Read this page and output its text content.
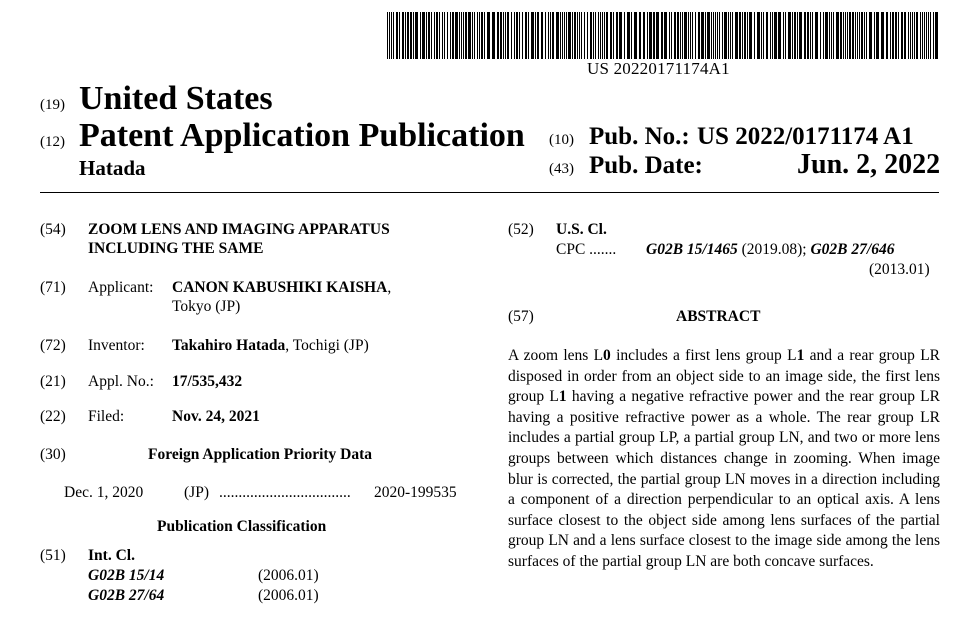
US 20220171174A1
(19) United States
(12) Patent Application Publication
Hatada
(10) Pub. No.: US 2022/0171174 A1
(43) Pub. Date:	Jun. 2, 2022
(54) ZOOM LENS AND IMAGING APPARATUS
INCLUDING THE SAME
(71) Applicant: CANON KABUSHIKI KAISHA,
Tokyo (JP)
(72) Inventor: Takahiro Hatada, Tochigi (JP)
(21) Appl. No.: 17/535,432
(22) Filed:	Nov. 24, 2021
(30)	Foreign Application Priority Data
Dec. 1, 2020	(JP) ..................................	2020-199535
Publication Classification
(51) Int. Cl.
G02B 15/14	(2006.01)
G02B 27/64	(2006.01)
(52) U.S. Cl.
CPC ....... G02B 15/1465 (2019.08); G02B 27/646
(2013.01)
(57)	ABSTRACT
A zoom lens L0 includes a first lens group L1 and a rear group LR disposed in order from an object side to an image side, the first lens group L1 having a negative refractive power and the rear group LR having a positive refractive power as a whole. The rear group LR includes a partial group LP, a partial group LN, and two or more lens groups between which distances change in zooming. When image blur is corrected, the partial group LN moves in a direction including a component of a direction perpendicular to an optical axis. A lens surface closest to the object side among lens surfaces of the partial group LN and a lens surface closest to the image side among the lens surfaces of the partial group LN are both concave surfaces.
